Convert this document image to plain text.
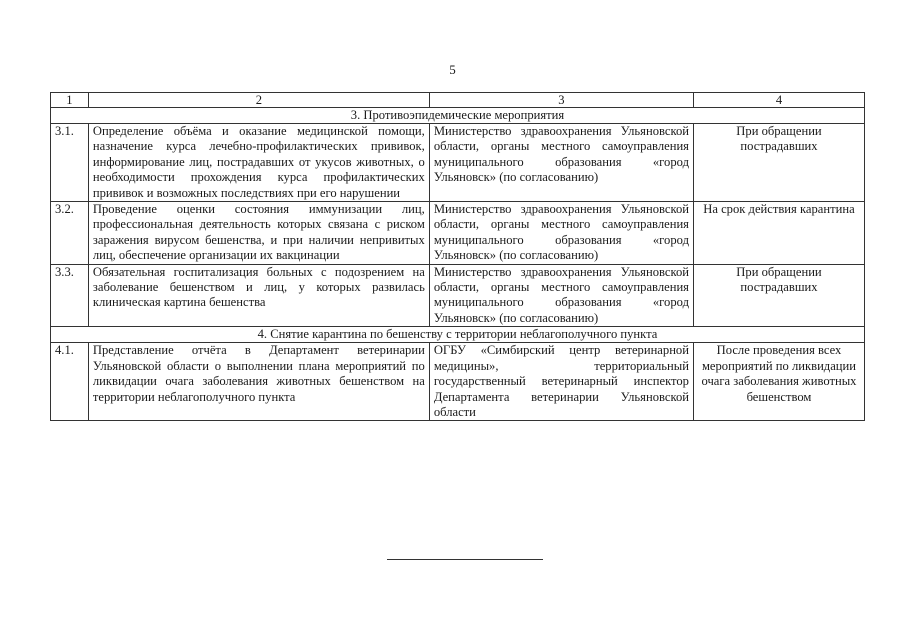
5
1	2	3	4
3. Противоэпидемические мероприятия			
3.1.	Определение объёма и оказание медицинской помощи, назначение курса лечебно-профилактических прививок, информирование лиц, пострадавших от укусов животных, о необходимости прохождения курса профилактических прививок и возможных последствиях при его нарушении	Министерство здравоохранения Ульяновской области, органы местного самоуправления муниципального образования «город Ульяновск» (по согласованию)	При обращении пострадавших
3.2.	Проведение оценки состояния иммунизации лиц, профессиональная деятельность которых связана с риском заражения вирусом бешенства, и при наличии непривитых лиц, обеспечение организации их вакцинации	Министерство здравоохранения Ульяновской области, органы местного самоуправления муниципального образования «город Ульяновск» (по согласованию)	На срок действия карантина
3.3.	Обязательная госпитализация больных с подозрением на заболевание бешенством и лиц, у которых развилась клиническая картина бешенства	Министерство здравоохранения Ульяновской области, органы местного самоуправления муниципального образования «город Ульяновск» (по согласованию)	При обращении пострадавших
4. Снятие карантина по бешенству с территории неблагополучного пункта			
4.1.	Представление отчёта в Департамент ветеринарии Ульяновской области о выполнении плана мероприятий по ликвидации очага заболевания животных бешенством на территории неблагополучного пункта	ОГБУ «Симбирский центр ветеринарной медицины», территориальный государственный ветеринарный инспектор Департамента ветеринарии Ульяновской области	После проведения всех мероприятий по ликвидации очага заболевания животных бешенством
